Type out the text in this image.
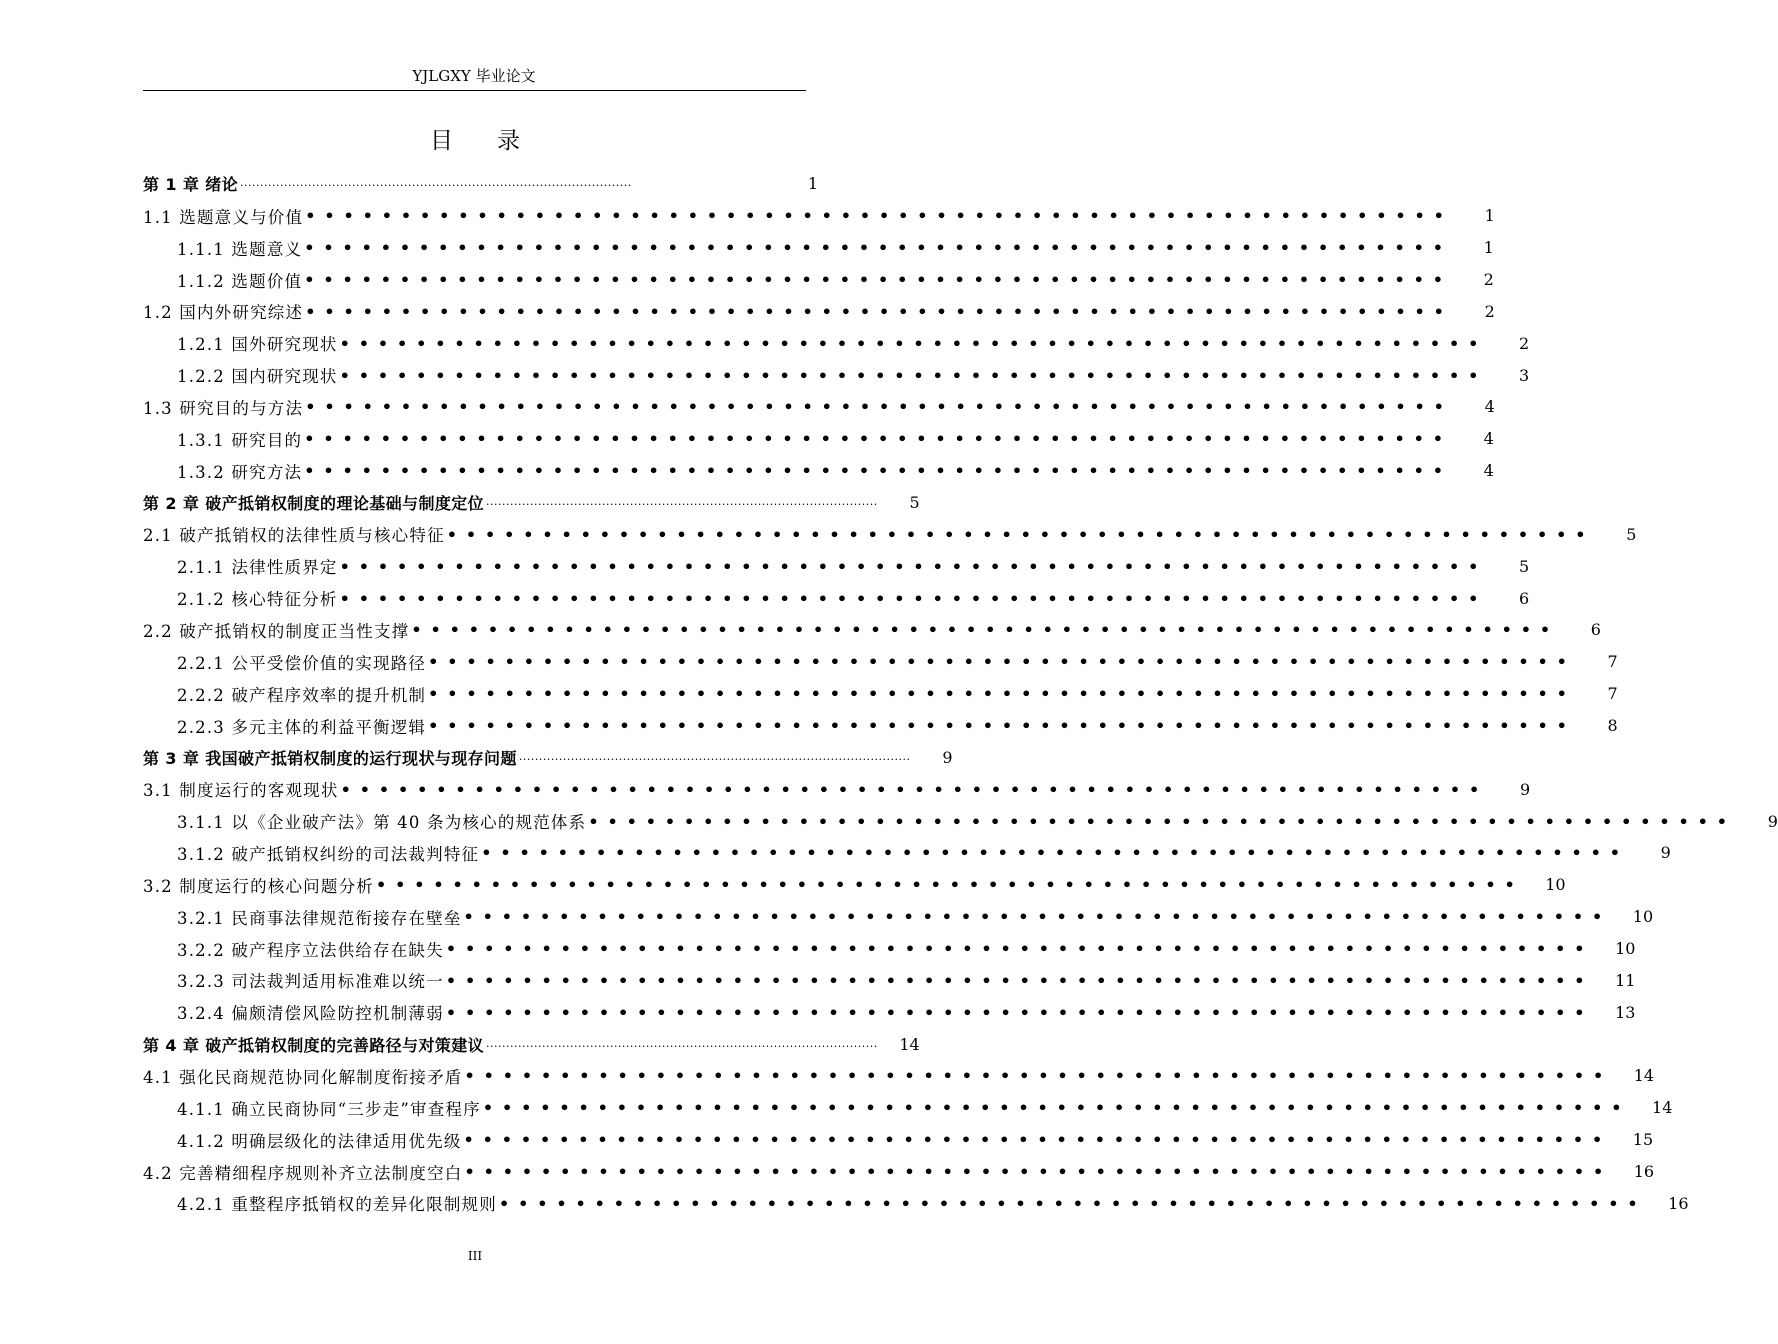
YJLGXY 毕业论文
目 录
第 1 章 绪论 ··································································································	1
1.1 选题意义与价值 ••••••••••••••••••••••••••••••••••••••••••••••••••••••••••••	1
1.1.1 选题意义 ••••••••••••••••••••••••••••••••••••••••••••••••••••••••••••	1
1.1.2 选题价值 ••••••••••••••••••••••••••••••••••••••••••••••••••••••••••••	2
1.2 国内外研究综述 ••••••••••••••••••••••••••••••••••••••••••••••••••••••••••••	2
1.2.1 国外研究现状 ••••••••••••••••••••••••••••••••••••••••••••••••••••••••••••	2
1.2.2 国内研究现状 ••••••••••••••••••••••••••••••••••••••••••••••••••••••••••••	3
1.3 研究目的与方法 ••••••••••••••••••••••••••••••••••••••••••••••••••••••••••••	4
1.3.1 研究目的 ••••••••••••••••••••••••••••••••••••••••••••••••••••••••••••	4
1.3.2 研究方法 ••••••••••••••••••••••••••••••••••••••••••••••••••••••••••••	4
第 2 章 破产抵销权制度的理论基础与制度定位 ··································································································	5
2.1 破产抵销权的法律性质与核心特征 ••••••••••••••••••••••••••••••••••••••••••••••••••••••••••••	5
2.1.1 法律性质界定 ••••••••••••••••••••••••••••••••••••••••••••••••••••••••••••	5
2.1.2 核心特征分析 ••••••••••••••••••••••••••••••••••••••••••••••••••••••••••••	6
2.2 破产抵销权的制度正当性支撑 ••••••••••••••••••••••••••••••••••••••••••••••••••••••••••••	6
2.2.1 公平受偿价值的实现路径 ••••••••••••••••••••••••••••••••••••••••••••••••••••••••••••	7
2.2.2 破产程序效率的提升机制 ••••••••••••••••••••••••••••••••••••••••••••••••••••••••••••	7
2.2.3 多元主体的利益平衡逻辑 ••••••••••••••••••••••••••••••••••••••••••••••••••••••••••••	8
第 3 章 我国破产抵销权制度的运行现状与现存问题 ··································································································	9
3.1 制度运行的客观现状 ••••••••••••••••••••••••••••••••••••••••••••••••••••••••••••	9
3.1.1 以《企业破产法》第 40 条为核心的规范体系 ••••••••••••••••••••••••••••••••••••••••••••••••••••••••••••	9
3.1.2 破产抵销权纠纷的司法裁判特征 ••••••••••••••••••••••••••••••••••••••••••••••••••••••••••••	9
3.2 制度运行的核心问题分析 ••••••••••••••••••••••••••••••••••••••••••••••••••••••••••••	10
3.2.1 民商事法律规范衔接存在壁垒 ••••••••••••••••••••••••••••••••••••••••••••••••••••••••••••	10
3.2.2 破产程序立法供给存在缺失 ••••••••••••••••••••••••••••••••••••••••••••••••••••••••••••	10
3.2.3 司法裁判适用标准难以统一 ••••••••••••••••••••••••••••••••••••••••••••••••••••••••••••	11
3.2.4 偏颇清偿风险防控机制薄弱 ••••••••••••••••••••••••••••••••••••••••••••••••••••••••••••	13
第 4 章 破产抵销权制度的完善路径与对策建议 ··································································································	14
4.1 强化民商规范协同化解制度衔接矛盾 ••••••••••••••••••••••••••••••••••••••••••••••••••••••••••••	14
4.1.1 确立民商协同“三步走”审查程序 ••••••••••••••••••••••••••••••••••••••••••••••••••••••••••••	14
4.1.2 明确层级化的法律适用优先级 ••••••••••••••••••••••••••••••••••••••••••••••••••••••••••••	15
4.2 完善精细程序规则补齐立法制度空白 ••••••••••••••••••••••••••••••••••••••••••••••••••••••••••••	16
4.2.1 重整程序抵销权的差异化限制规则 ••••••••••••••••••••••••••••••••••••••••••••••••••••••••••••	16
III
